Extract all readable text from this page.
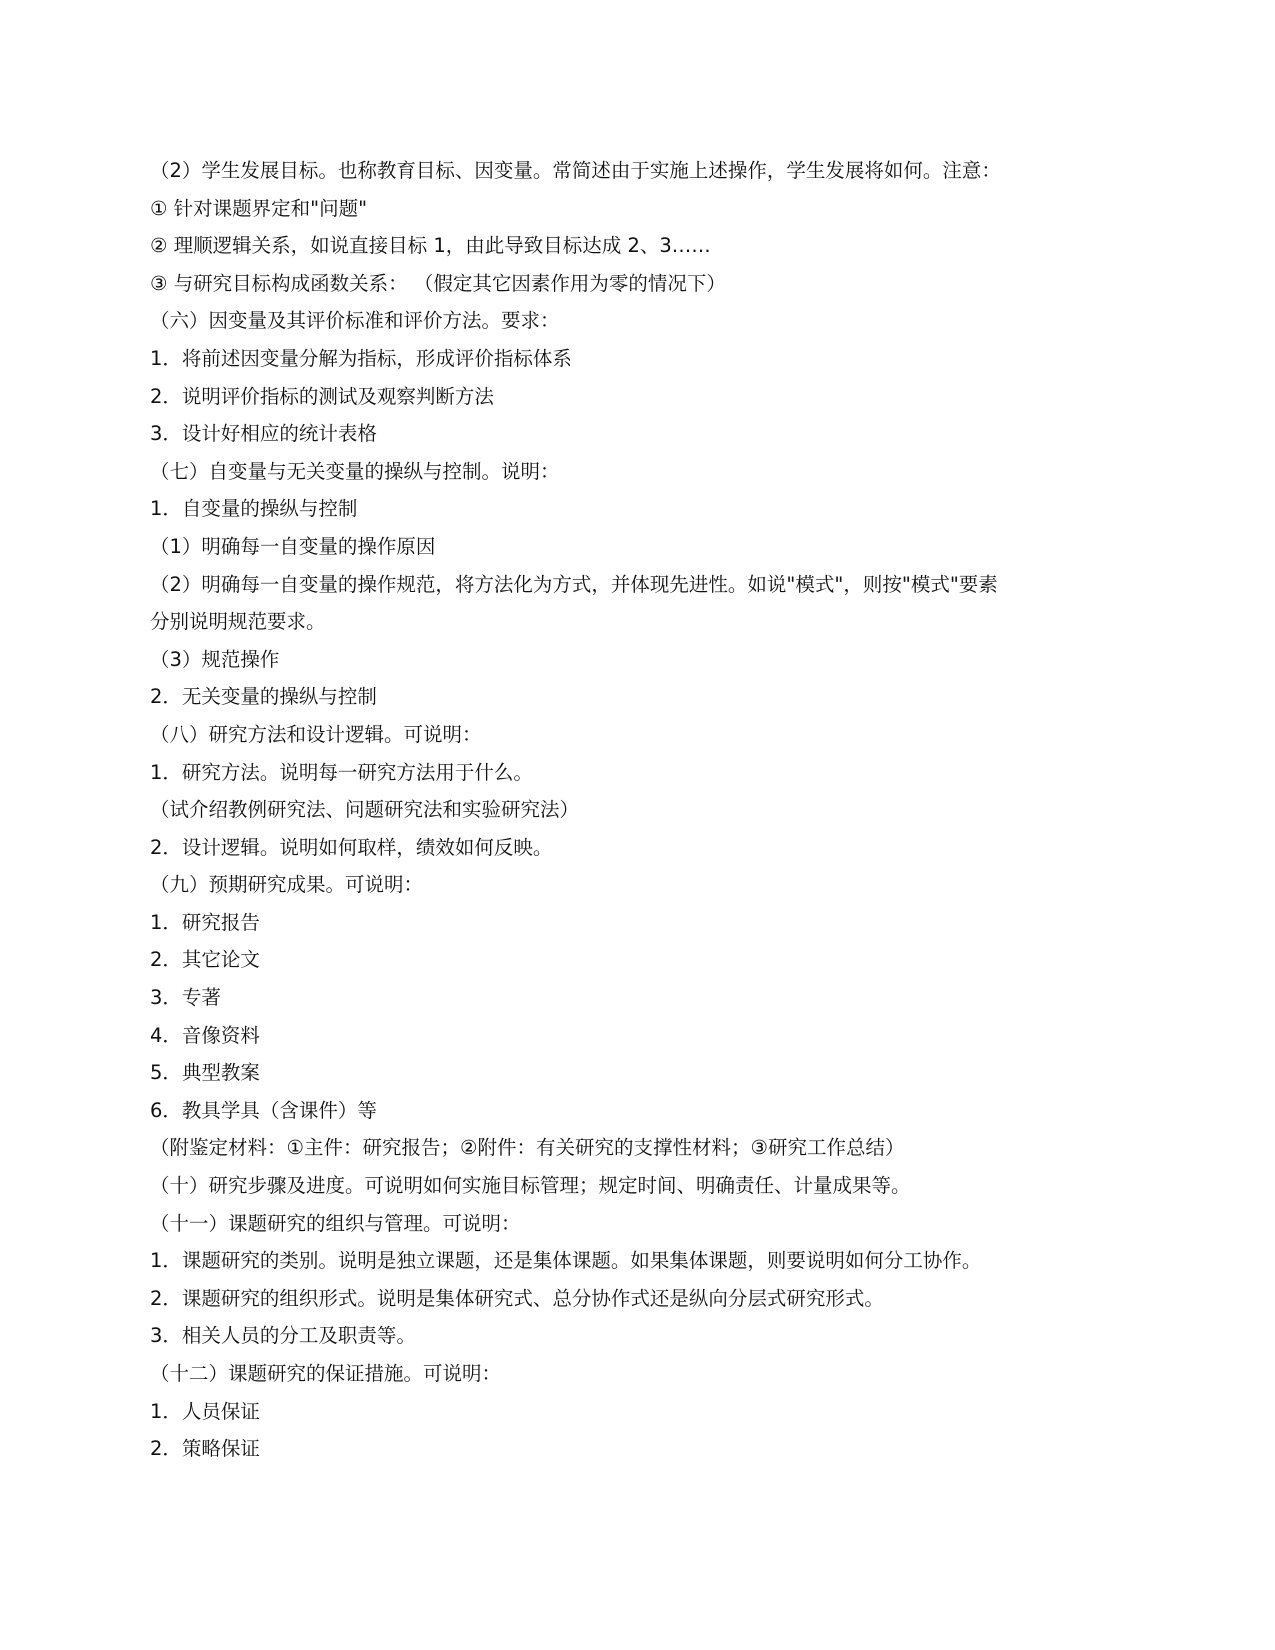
（2）学生发展目标。也称教育目标、因变量。常简述由于实施上述操作，学生发展将如何。注意：
① 针对课题界定和"问题"
② 理顺逻辑关系，如说直接目标 1，由此导致目标达成 2、3……
③ 与研究目标构成函数关系： （假定其它因素作用为零的情况下）
（六）因变量及其评价标准和评价方法。要求：
1．将前述因变量分解为指标，形成评价指标体系
2．说明评价指标的测试及观察判断方法
3．设计好相应的统计表格
（七）自变量与无关变量的操纵与控制。说明：
1．自变量的操纵与控制
（1）明确每一自变量的操作原因
（2）明确每一自变量的操作规范，将方法化为方式，并体现先进性。如说"模式"，则按"模式"要素
分别说明规范要求。
（3）规范操作
2．无关变量的操纵与控制
（八）研究方法和设计逻辑。可说明：
1．研究方法。说明每一研究方法用于什么。
（试介绍教例研究法、问题研究法和实验研究法）
2．设计逻辑。说明如何取样，绩效如何反映。
（九）预期研究成果。可说明：
1．研究报告
2．其它论文
3．专著
4．音像资料
5．典型教案
6．教具学具（含课件）等
（附鉴定材料：①主件：研究报告；②附件：有关研究的支撑性材料；③研究工作总结）
（十）研究步骤及进度。可说明如何实施目标管理；规定时间、明确责任、计量成果等。
（十一）课题研究的组织与管理。可说明：
1．课题研究的类别。说明是独立课题，还是集体课题。如果集体课题，则要说明如何分工协作。
2．课题研究的组织形式。说明是集体研究式、总分协作式还是纵向分层式研究形式。
3．相关人员的分工及职责等。
（十二）课题研究的保证措施。可说明：
1．人员保证
2．策略保证
